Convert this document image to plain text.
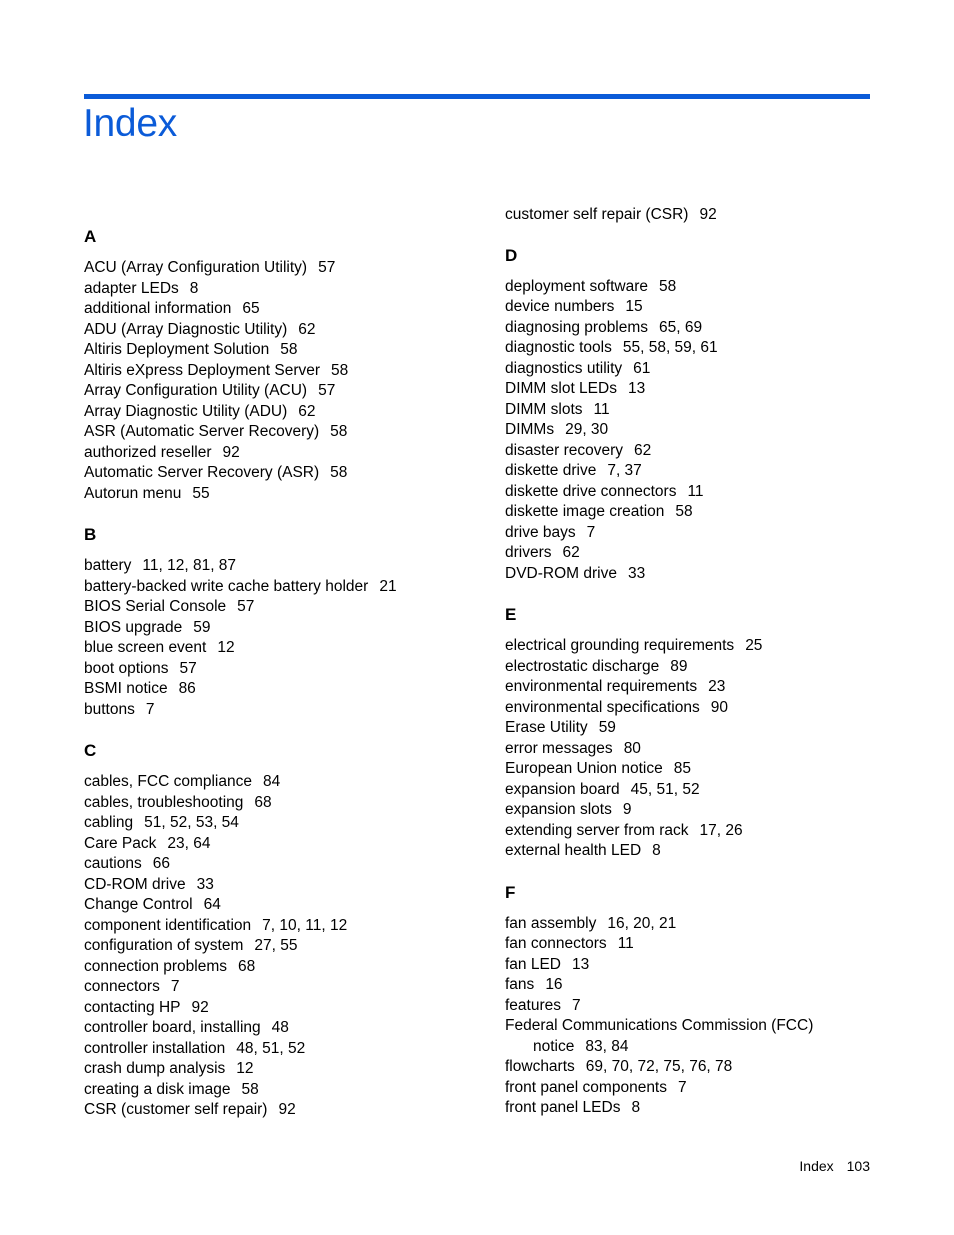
Index
A
ACU (Array Configuration Utility) 57
adapter LEDs 8
additional information 65
ADU (Array Diagnostic Utility) 62
Altiris Deployment Solution 58
Altiris eXpress Deployment Server 58
Array Configuration Utility (ACU) 57
Array Diagnostic Utility (ADU) 62
ASR (Automatic Server Recovery) 58
authorized reseller 92
Automatic Server Recovery (ASR) 58
Autorun menu 55
B
battery 11, 12, 81, 87
battery-backed write cache battery holder 21
BIOS Serial Console 57
BIOS upgrade 59
blue screen event 12
boot options 57
BSMI notice 86
buttons 7
C
cables, FCC compliance 84
cables, troubleshooting 68
cabling 51, 52, 53, 54
Care Pack 23, 64
cautions 66
CD-ROM drive 33
Change Control 64
component identification 7, 10, 11, 12
configuration of system 27, 55
connection problems 68
connectors 7
contacting HP 92
controller board, installing 48
controller installation 48, 51, 52
crash dump analysis 12
creating a disk image 58
CSR (customer self repair) 92
customer self repair (CSR) 92
D
deployment software 58
device numbers 15
diagnosing problems 65, 69
diagnostic tools 55, 58, 59, 61
diagnostics utility 61
DIMM slot LEDs 13
DIMM slots 11
DIMMs 29, 30
disaster recovery 62
diskette drive 7, 37
diskette drive connectors 11
diskette image creation 58
drive bays 7
drivers 62
DVD-ROM drive 33
E
electrical grounding requirements 25
electrostatic discharge 89
environmental requirements 23
environmental specifications 90
Erase Utility 59
error messages 80
European Union notice 85
expansion board 45, 51, 52
expansion slots 9
extending server from rack 17, 26
external health LED 8
F
fan assembly 16, 20, 21
fan connectors 11
fan LED 13
fans 16
features 7
Federal Communications Commission (FCC)
notice 83, 84
flowcharts 69, 70, 72, 75, 76, 78
front panel components 7
front panel LEDs 8
Index 103
